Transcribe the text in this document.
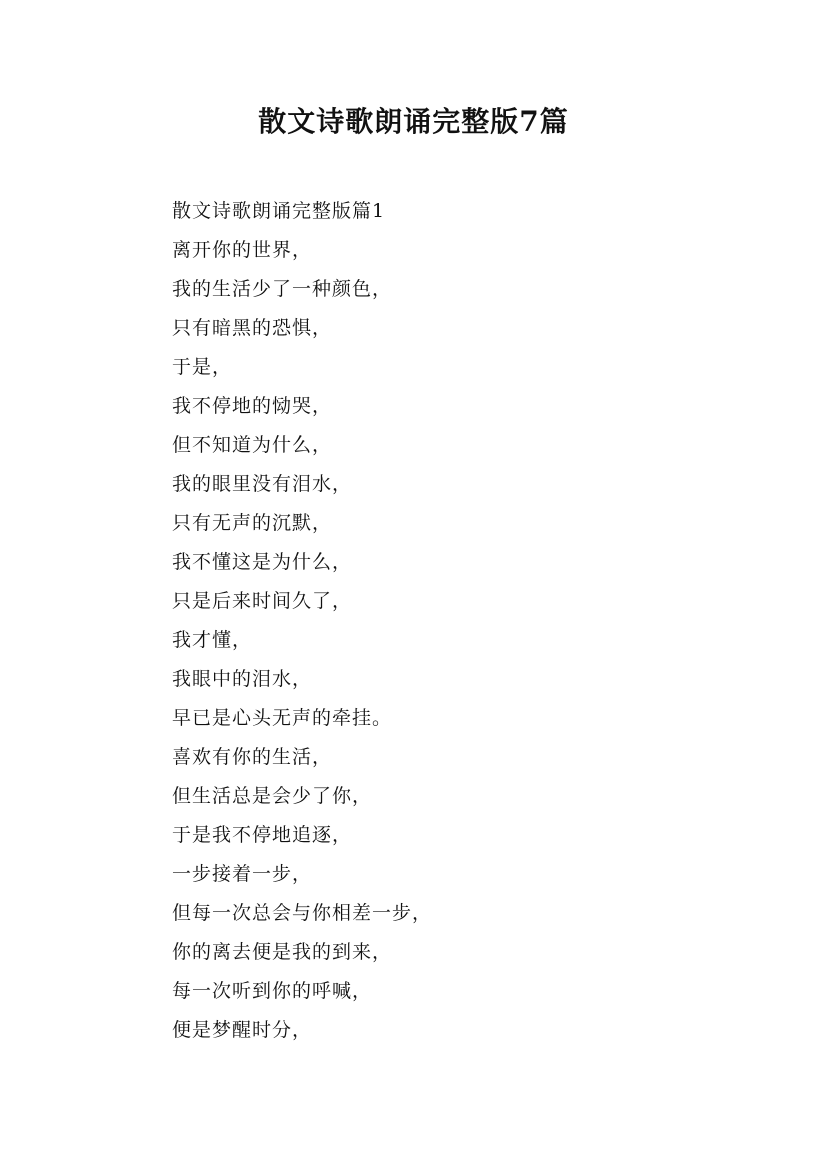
散文诗歌朗诵完整版7篇
散文诗歌朗诵完整版篇1
离开你的世界，
我的生活少了一种颜色，
只有暗黑的恐惧，
于是，
我不停地的恸哭，
但不知道为什么，
我的眼里没有泪水，
只有无声的沉默，
我不懂这是为什么，
只是后来时间久了，
我才懂，
我眼中的泪水，
早已是心头无声的牵挂。
喜欢有你的生活，
但生活总是会少了你，
于是我不停地追逐，
一步接着一步，
但每一次总会与你相差一步，
你的离去便是我的到来，
每一次听到你的呼喊，
便是梦醒时分，
